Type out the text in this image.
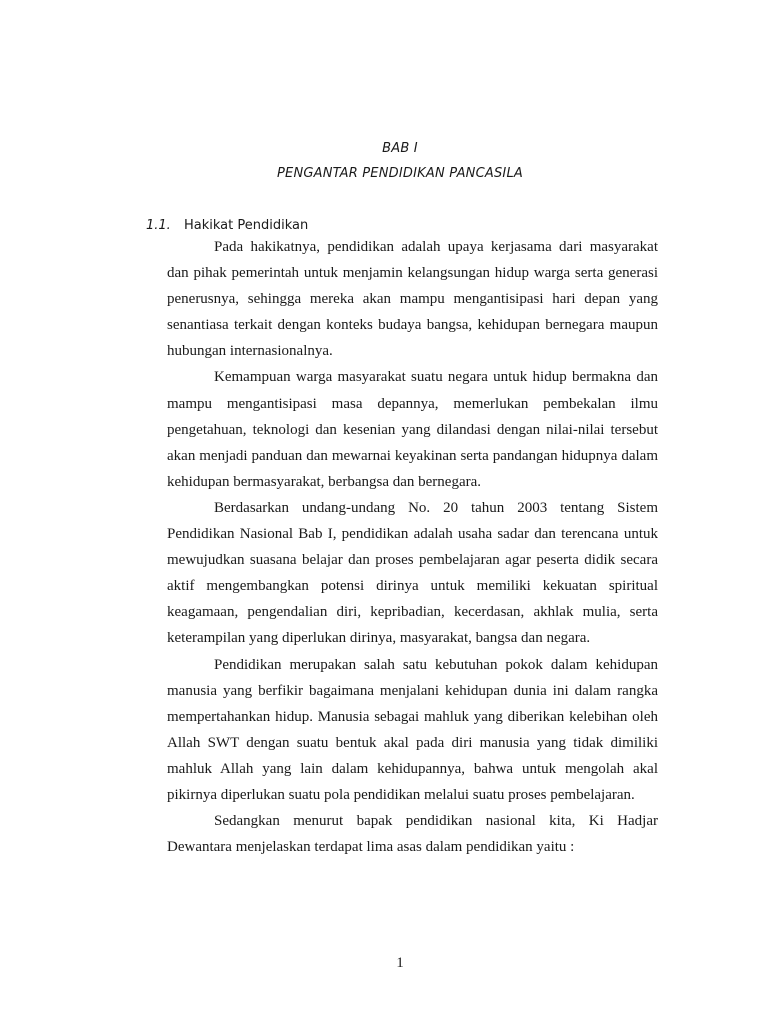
BAB I
PENGANTAR PENDIDIKAN PANCASILA
1.1. Hakikat Pendidikan

Pada hakikatnya, pendidikan adalah upaya kerjasama dari masyarakat dan pihak pemerintah untuk menjamin kelangsungan hidup warga serta generasi penerusnya, sehingga mereka akan mampu mengantisipasi hari depan yang senantiasa terkait dengan konteks budaya bangsa, kehidupan bernegara maupun hubungan internasionalnya.

Kemampuan warga masyarakat suatu negara untuk hidup bermakna dan mampu mengantisipasi masa depannya, memerlukan pembekalan ilmu pengetahuan, teknologi dan kesenian yang dilandasi dengan nilai-nilai tersebut akan menjadi panduan dan mewarnai keyakinan serta pandangan hidupnya dalam kehidupan bermasyarakat, berbangsa dan bernegara.

Berdasarkan undang-undang No. 20 tahun 2003 tentang Sistem Pendidikan Nasional Bab I, pendidikan adalah usaha sadar dan terencana untuk mewujudkan suasana belajar dan proses pembelajaran agar peserta didik secara aktif mengembangkan potensi dirinya untuk memiliki kekuatan spiritual keagamaan, pengendalian diri, kepribadian, kecerdasan, akhlak mulia, serta keterampilan yang diperlukan dirinya, masyarakat, bangsa dan negara.

Pendidikan merupakan salah satu kebutuhan pokok dalam kehidupan manusia yang berfikir bagaimana menjalani kehidupan dunia ini dalam rangka mempertahankan hidup. Manusia sebagai mahluk yang diberikan kelebihan oleh Allah SWT dengan suatu bentuk akal pada diri manusia yang tidak dimiliki mahluk Allah yang lain dalam kehidupannya, bahwa untuk mengolah akal pikirnya diperlukan suatu pola pendidikan melalui suatu proses pembelajaran.

Sedangkan menurut bapak pendidikan nasional kita, Ki Hadjar Dewantara menjelaskan terdapat lima asas dalam pendidikan yaitu :

1
